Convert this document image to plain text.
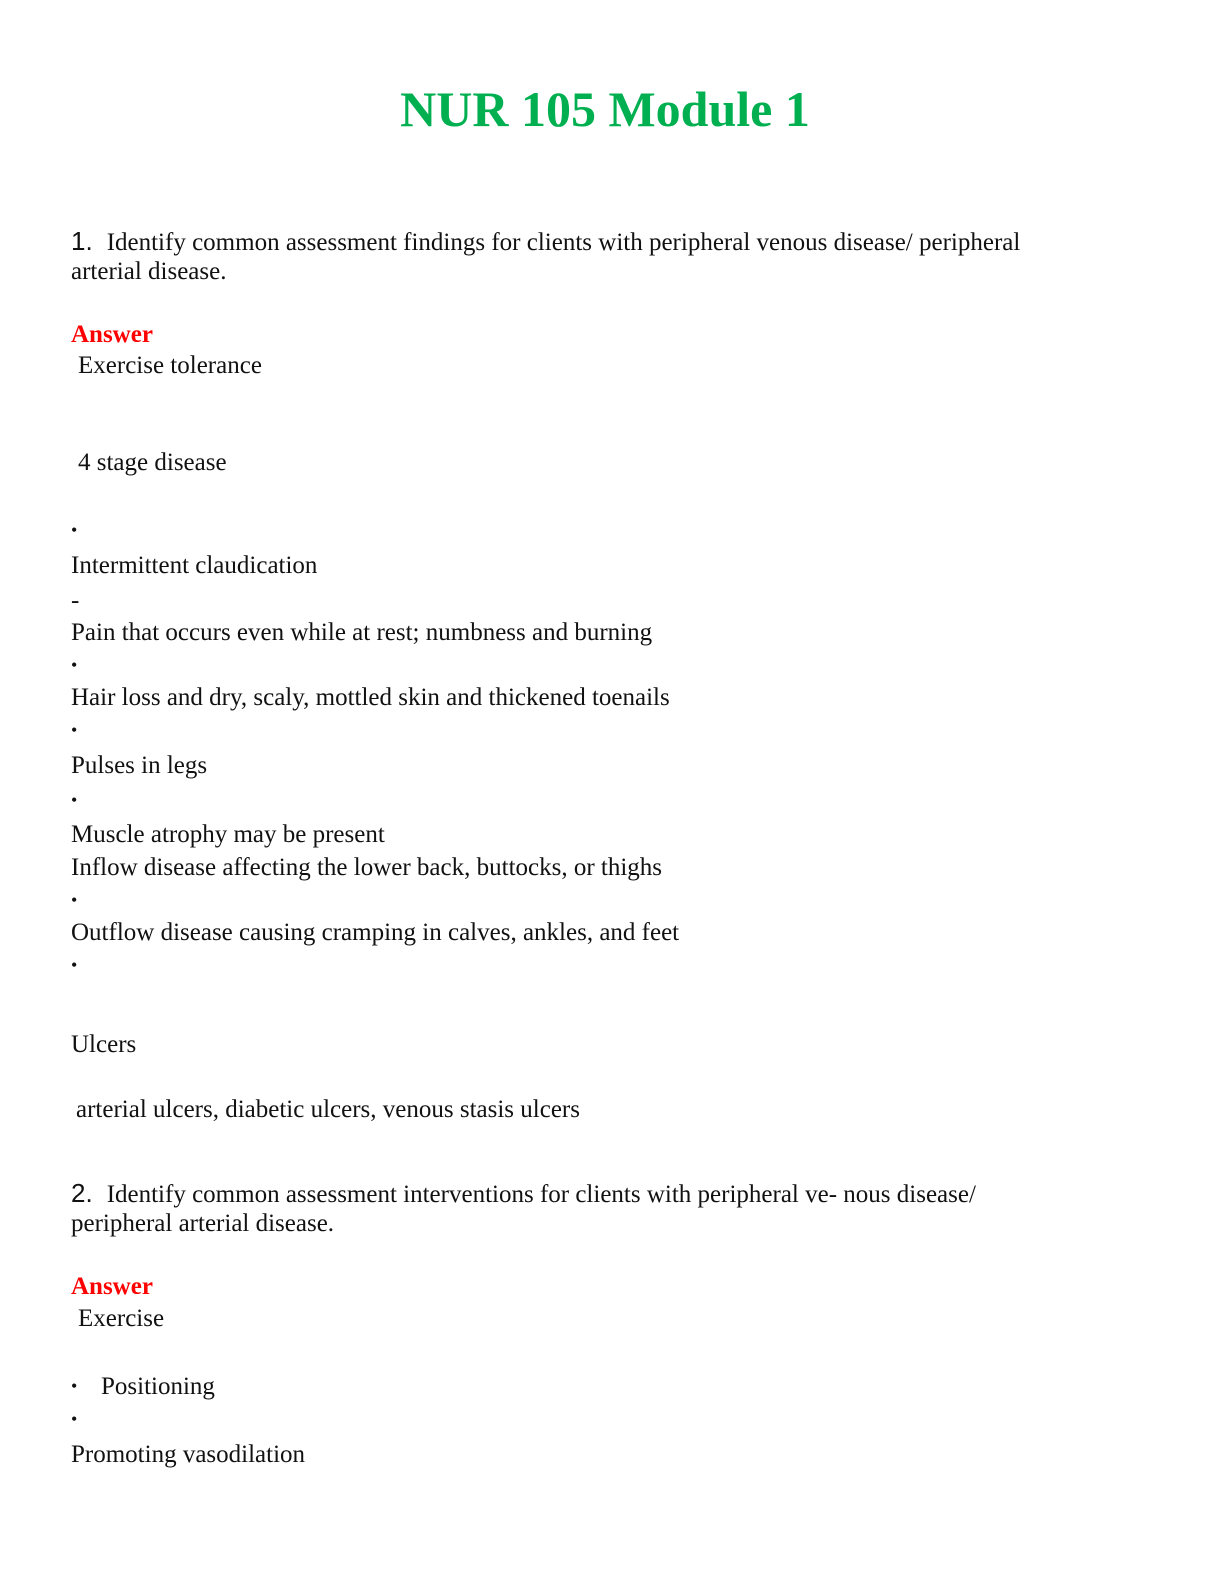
NUR 105 Module 1
1. Identify common assessment findings for clients with peripheral venous disease/ peripheral
arterial disease.
Answer
Exercise tolerance
4 stage disease
•
Intermittent claudication
-
Pain that occurs even while at rest; numbness and burning
•
Hair loss and dry, scaly, mottled skin and thickened toenails
•
Pulses in legs
•
Muscle atrophy may be present
Inflow disease affecting the lower back, buttocks, or thighs
•
Outflow disease causing cramping in calves, ankles, and feet
•
Ulcers
arterial ulcers, diabetic ulcers, venous stasis ulcers
2. Identify common assessment interventions for clients with peripheral ve- nous disease/
peripheral arterial disease.
Answer
Exercise
• Positioning
•
Promoting vasodilation
